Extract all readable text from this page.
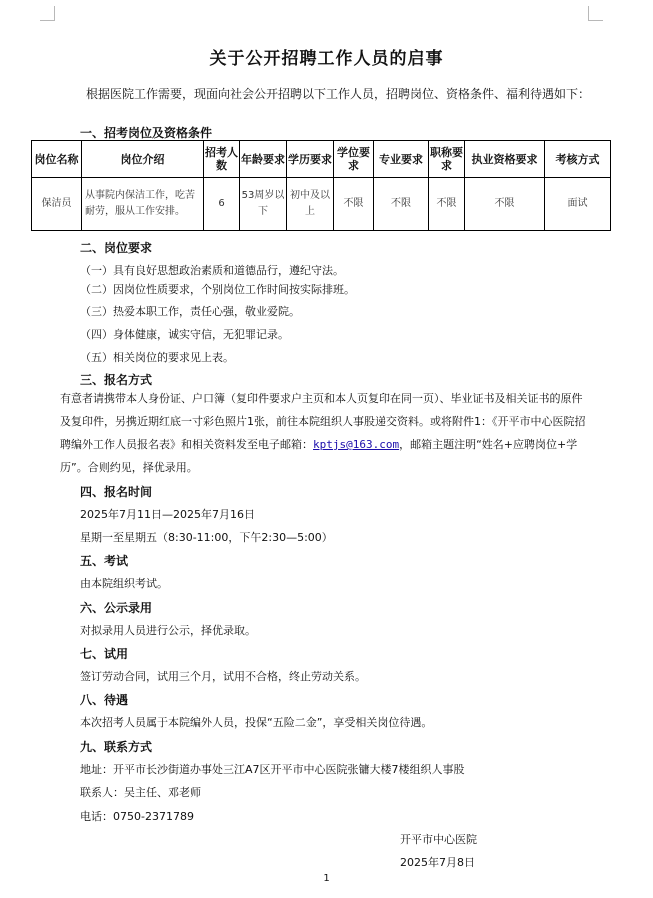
关于公开招聘工作人员的启事
根据医院工作需要，现面向社会公开招聘以下工作人员，招聘岗位、资格条件、福利待遇如下：
一、招考岗位及资格条件
岗位名称	岗位介绍	招考人数	年龄要求	学历要求	学位要求	专业要求	职称要求	执业资格要求	考核方式
保洁员	从事院内保洁工作，吃苦耐劳，服从工作安排。	6	53周岁以下	初中及以上	不限	不限	不限	不限	面试
二、岗位要求
（一）具有良好思想政治素质和道德品行，遵纪守法。
（二）因岗位性质要求，个别岗位工作时间按实际排班。
（三）热爱本职工作，责任心强，敬业爱院。
（四）身体健康，诚实守信，无犯罪记录。
（五）相关岗位的要求见上表。
三、报名方式
有意者请携带本人身份证、户口簿（复印件要求户主页和本人页复印在同一页）、毕业证书及相关证书的原件及复印件，另携近期红底一寸彩色照片1张，前往本院组织人事股递交资料。或将附件1：《开平市中心医院招聘编外工作人员报名表》和相关资料发至电子邮箱：kptjs@163.com，邮箱主题注明“姓名+应聘岗位+学历”。合则约见，择优录用。
四、报名时间
2025年7月11日—2025年7月16日
星期一至星期五（8:30-11:00，下午2:30—5:00）
五、考试
由本院组织考试。
六、公示录用
对拟录用人员进行公示，择优录取。
七、试用
签订劳动合同，试用三个月，试用不合格，终止劳动关系。
八、待遇
本次招考人员属于本院编外人员，投保“五险二金”，享受相关岗位待遇。
九、联系方式
地址：开平市长沙街道办事处三江A7区开平市中心医院张镛大楼7楼组织人事股
联系人：吴主任、邓老师
电话：0750-2371789
开平市中心医院
2025年7月8日
1
